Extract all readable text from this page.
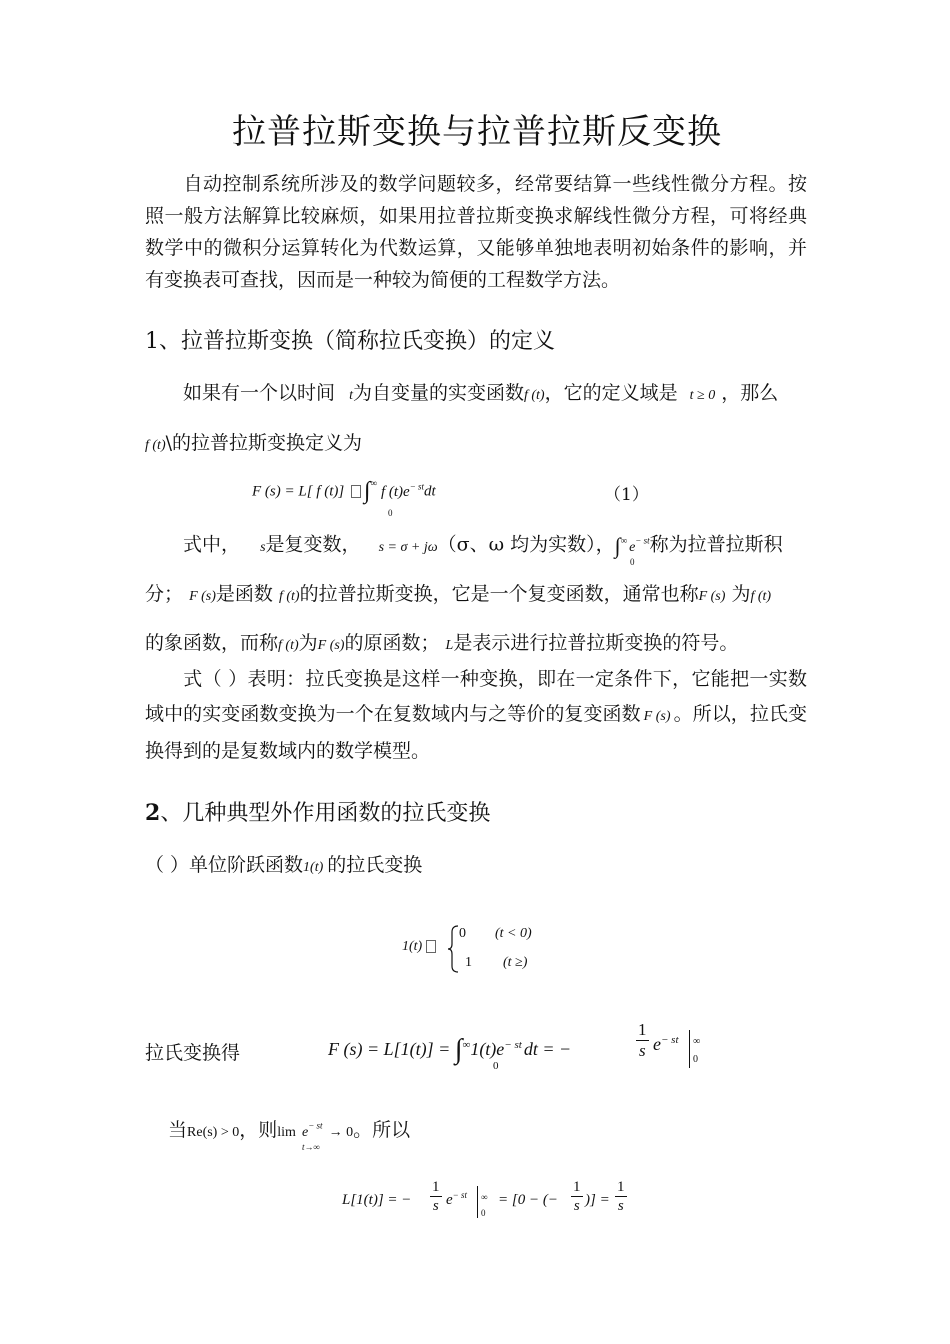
拉普拉斯变换与拉普拉斯反变换
自动控制系统所涉及的数学问题较多，经常要结算一些线性微分方程。按照一般方法解算比较麻烦，如果用拉普拉斯变换求解线性微分方程，可将经典数学中的微积分运算转化为代数运算，又能够单独地表明初始条件的影响，并有变换表可查找，因而是一种较为简便的工程数学方法。
1、拉普拉斯变换（简称拉氏变换）的定义
如果有一个以时间 t为自变量的实变函数f (t)，它的定义域是 t ≥ 0 ，那么
f (t)\的拉普拉斯变换定义为
F (s) = L[ f (t)] ∫∞f $(t)e^{- st}dt$
0
（1）
式中， s是复变数， s = σ + jω（σ、ω 均为实数），∫∞ $e^{- st}$称为拉普拉斯积
0
分； F (s)是函数 f (t)的拉普拉斯变换，它是一个复变函数，通常也称F (s) 为f (t)
的象函数，而称f (t)为F (s)的原函数； L是表示进行拉普拉斯变换的符号。
式（ ）表明：拉氏变换是这样一种变换，即在一定条件下，它能把一实数域中的实变函数变换为一个在复数域内与之等价的复变函数 F (s) 。所以，拉氏变换得到的是复数域内的数学模型。
2、几种典型外作用函数的拉氏变换
（ ）单位阶跃函数1(t) 的拉氏变换
1(t)
0 (t < 0)
1 (t ≥)
拉氏变换得	F $(s) = L[1(t)] = \int^\infty 1(t)e^{- st}$ dt = −
0
$\frac{1}{s} e^{- st}$ ∞
0
当Re(s) > 0，则$\lim e^{- st} \to 0$。所以
t→∞
L[1(t)] = − $\frac{1}{s} e^{- st}$ ∞
0
= [0 − (− $\frac{1}{s}$ )] = $\frac{1}{s}$
